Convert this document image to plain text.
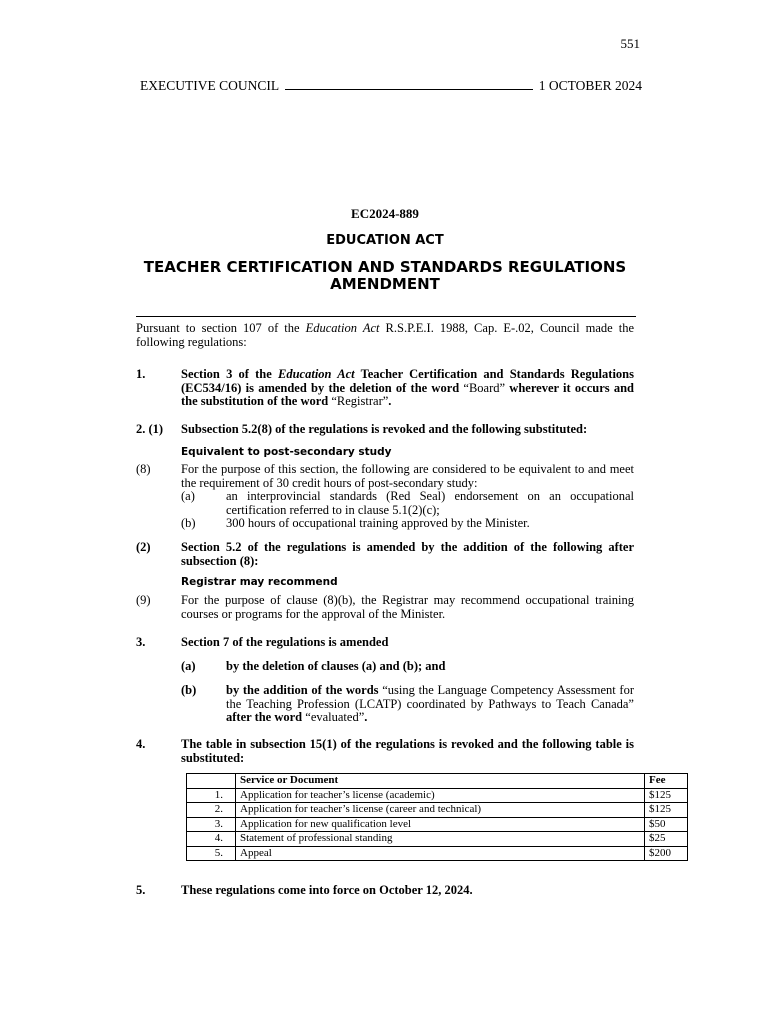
551
EXECUTIVE COUNCIL	1 OCTOBER 2024
EC2024-889
EDUCATION ACT
TEACHER CERTIFICATION AND STANDARDS REGULATIONS
AMENDMENT
Pursuant to section 107 of the Education Act R.S.P.E.I. 1988, Cap. E-.02, Council made the following regulations:
1.	Section 3 of the Education Act Teacher Certification and Standards Regulations (EC534/16) is amended by the deletion of the word “Board” wherever it occurs and the substitution of the word “Registrar”.
2. (1) Subsection 5.2(8) of the regulations is revoked and the following substituted:
Equivalent to post-secondary study
(8) For the purpose of this section, the following are considered to be equivalent to and meet the requirement of 30 credit hours of post-secondary study:
(a) an interprovincial standards (Red Seal) endorsement on an occupational certification referred to in clause 5.1(2)(c);
(b) 300 hours of occupational training approved by the Minister.
(2) Section 5.2 of the regulations is amended by the addition of the following after subsection (8):
Registrar may recommend
(9) For the purpose of clause (8)(b), the Registrar may recommend occupational training courses or programs for the approval of the Minister.
3.	Section 7 of the regulations is amended
(a) by the deletion of clauses (a) and (b); and
(b) by the addition of the words “using the Language Competency Assessment for the Teaching Profession (LCATP) coordinated by Pathways to Teach Canada” after the word “evaluated”.
4.	The table in subsection 15(1) of the regulations is revoked and the following table is substituted:
	Service or Document	Fee
1.	Application for teacher’s license (academic)	$125
2.	Application for teacher’s license (career and technical)	$125
3.	Application for new qualification level	$50
4.	Statement of professional standing	$25
5.	Appeal	$200
5.	These regulations come into force on October 12, 2024.
